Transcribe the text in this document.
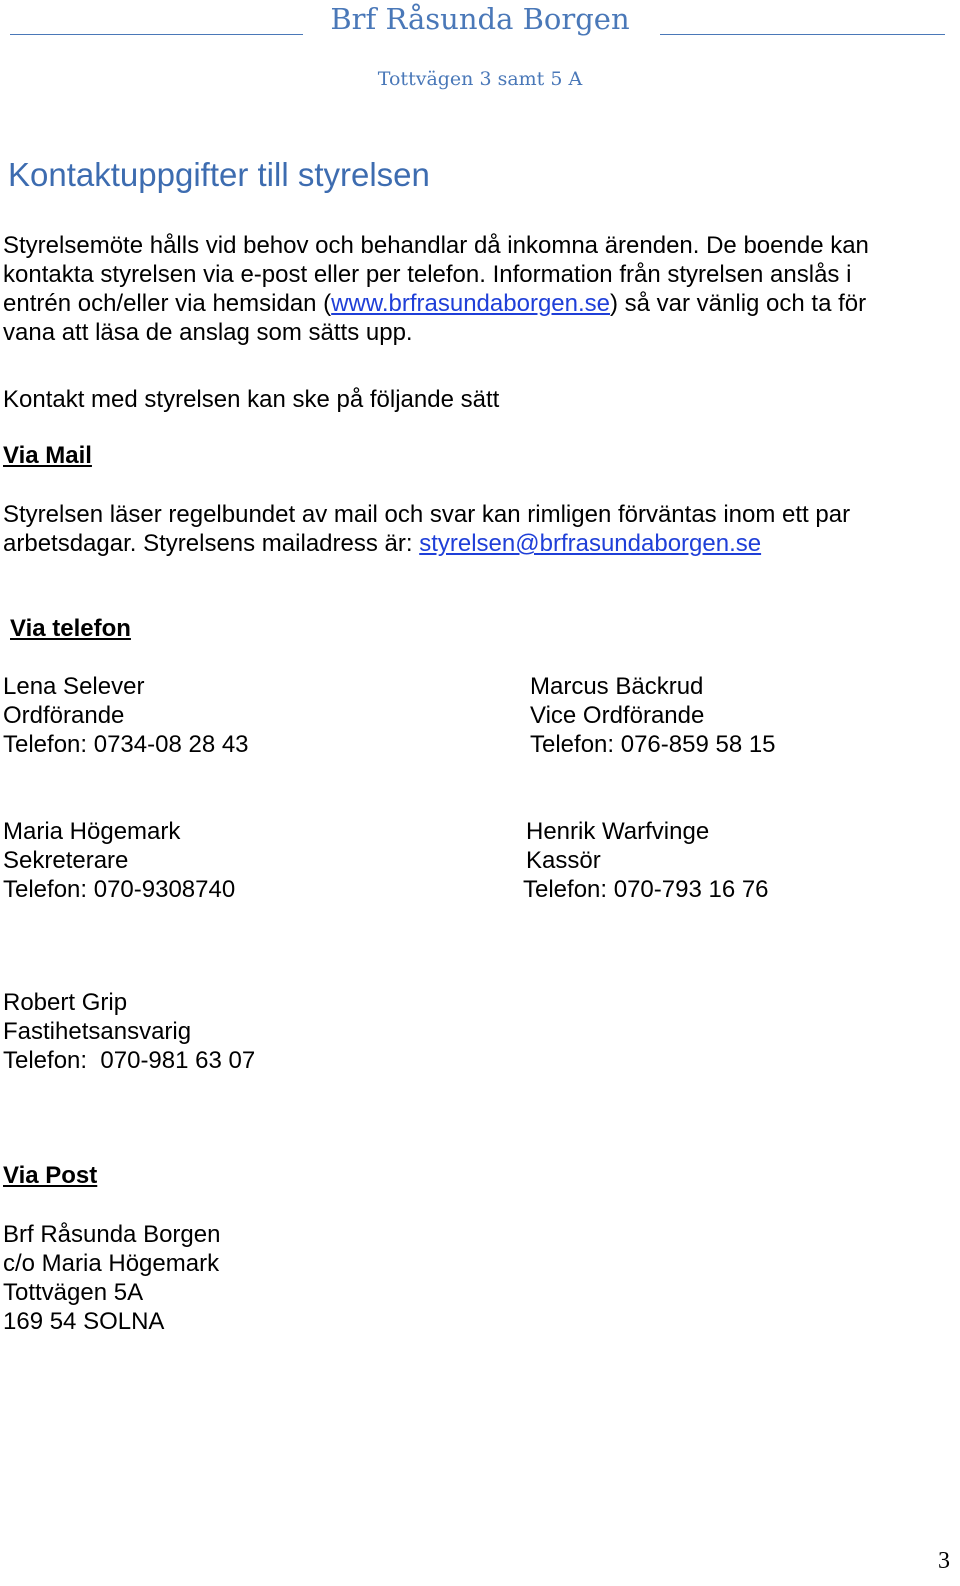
Brf Råsunda Borgen
Tottvägen 3 samt 5 A
Kontaktuppgifter till styrelsen
Styrelsemöte hålls vid behov och behandlar då inkomna ärenden. De boende kan kontakta styrelsen via e-post eller per telefon. Information från styrelsen anslås i entrén och/eller via hemsidan (www.brfrasundaborgen.se) så var vänlig och ta för vana att läsa de anslag som sätts upp.
Kontakt med styrelsen kan ske på följande sätt
Via Mail
Styrelsen läser regelbundet av mail och svar kan rimligen förväntas inom ett par arbetsdagar. Styrelsens mailadress är: styrelsen@brfrasundaborgen.se
Via telefon
Lena Selever
Ordförande
Telefon: 0734-08 28 43
Marcus Bäckrud
Vice Ordförande
Telefon: 076-859 58 15
Maria Högemark
Sekreterare
Telefon: 070-9308740
Henrik Warfvinge
Kassör
Telefon: 070-793 16 76
Robert Grip
Fastihetsansvarig
Telefon:  070-981 63 07
Via Post
Brf Råsunda Borgen
c/o Maria Högemark
Tottvägen 5A
169 54 SOLNA
3
